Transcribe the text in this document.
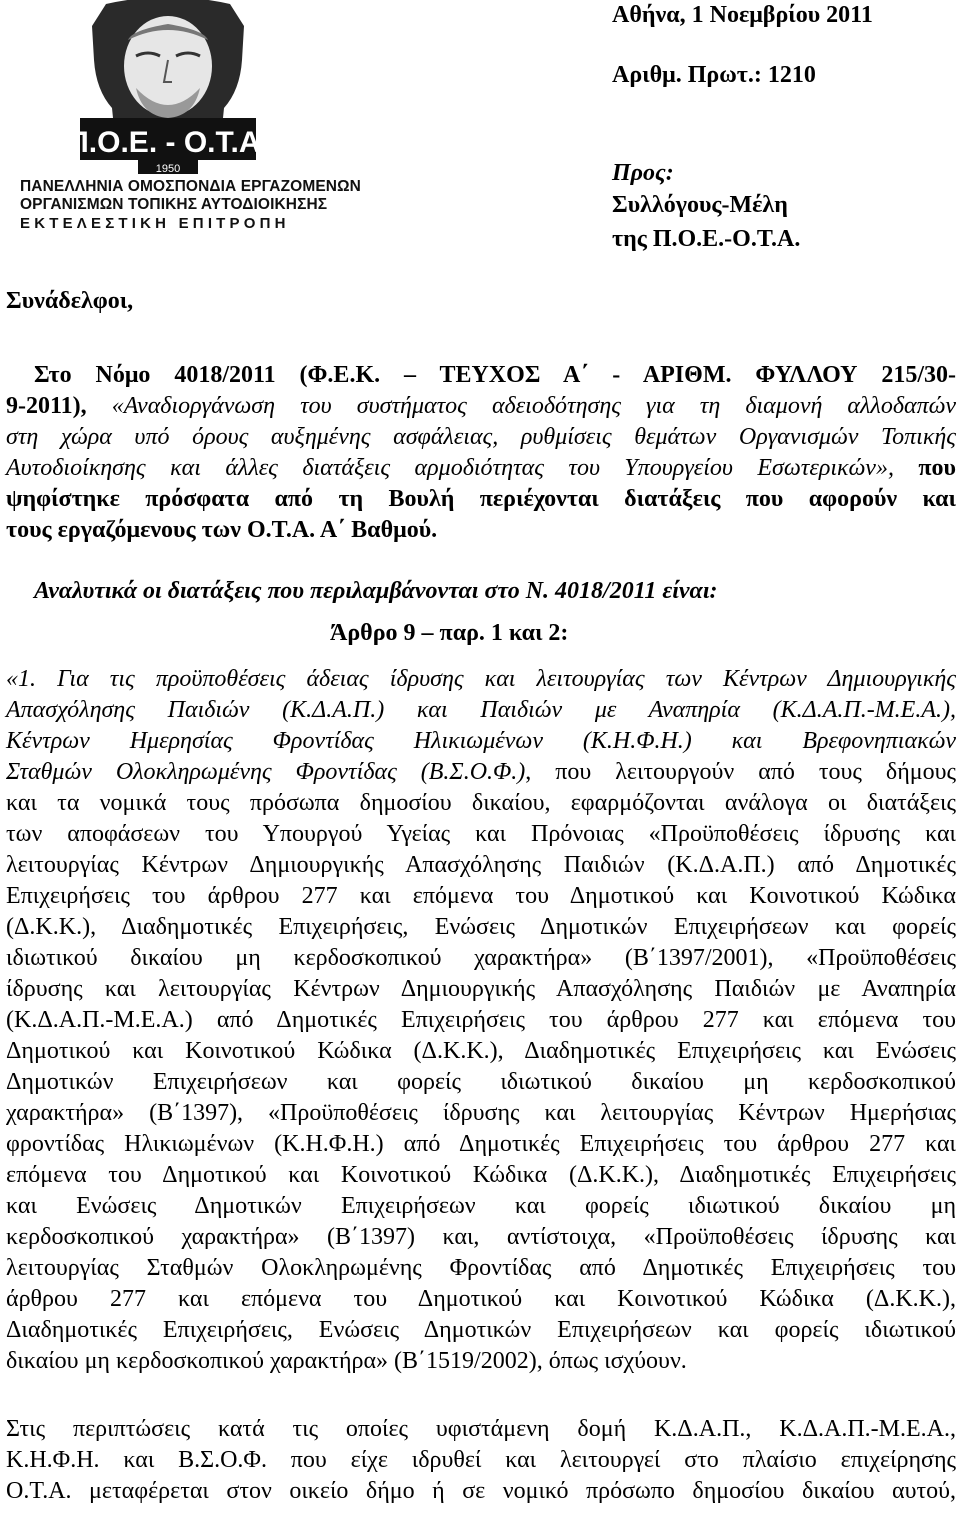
Π.Ο.Ε. - Ο.Τ.Α.
1950
ΠΑΝΕΛΛΗΝΙΑ ΟΜΟΣΠΟΝΔΙΑ ΕΡΓΑΖΟΜΕΝΩΝ
ΟΡΓΑΝΙΣΜΩΝ ΤΟΠΙΚΗΣ ΑΥΤΟΔΙΟΙΚΗΣΗΣ
ΕΚΤΕΛΕΣΤΙΚΗ ΕΠΙΤΡΟΠΗ
Αθήνα, 1 Νοεμβρίου 2011
Αριθμ. Πρωτ.: 1210
Προς:
Συλλόγους-Μέλη
της Π.Ο.Ε.-Ο.Τ.Α.
Συνάδελφοι,
Στο Νόμο 4018/2011 (Φ.Ε.Κ. – ΤΕΥΧΟΣ Α΄ - ΑΡΙΘΜ. ΦΥΛΛΟΥ 215/30-
9-2011), «Αναδιοργάνωση του συστήματος αδειοδότησης για τη διαμονή αλλοδαπών
στη χώρα υπό όρους αυξημένης ασφάλειας, ρυθμίσεις θεμάτων Οργανισμών Τοπικής
Αυτοδιοίκησης και άλλες διατάξεις αρμοδιότητας του Υπουργείου Εσωτερικών», που
ψηφίστηκε πρόσφατα από τη Βουλή περιέχονται διατάξεις που αφορούν και
τους εργαζόμενους των Ο.Τ.Α. Α΄ Βαθμού.
Αναλυτικά οι διατάξεις που περιλαμβάνονται στο Ν. 4018/2011 είναι:
Άρθρο 9 – παρ. 1 και 2:
«1. Για τις προϋποθέσεις άδειας ίδρυσης και λειτουργίας των Κέντρων Δημιουργικής
Απασχόλησης Παιδιών (Κ.Δ.Α.Π.) και Παιδιών με Αναπηρία (Κ.Δ.Α.Π.-Μ.Ε.Α.),
Κέντρων Ημερησίας Φροντίδας Ηλικιωμένων (Κ.Η.Φ.Η.) και Βρεφονηπιακών
Σταθμών Ολοκληρωμένης Φροντίδας (Β.Σ.Ο.Φ.), που λειτουργούν από τους δήμους
και τα νομικά τους πρόσωπα δημοσίου δικαίου, εφαρμόζονται ανάλογα οι διατάξεις
των αποφάσεων του Υπουργού Υγείας και Πρόνοιας «Προϋποθέσεις ίδρυσης και
λειτουργίας Κέντρων Δημιουργικής Απασχόλησης Παιδιών (Κ.Δ.Α.Π.) από Δημοτικές
Επιχειρήσεις του άρθρου 277 και επόμενα του Δημοτικού και Κοινοτικού Κώδικα
(Δ.Κ.Κ.), Διαδημοτικές Επιχειρήσεις, Ενώσεις Δημοτικών Επιχειρήσεων και φορείς
ιδιωτικού δικαίου μη κερδοσκοπικού χαρακτήρα» (Β΄1397/2001), «Προϋποθέσεις
ίδρυσης και λειτουργίας Κέντρων Δημιουργικής Απασχόλησης Παιδιών με Αναπηρία
(Κ.Δ.Α.Π.-Μ.Ε.Α.) από Δημοτικές Επιχειρήσεις του άρθρου 277 και επόμενα του
Δημοτικού και Κοινοτικού Κώδικα (Δ.Κ.Κ.), Διαδημοτικές Επιχειρήσεις και Ενώσεις
Δημοτικών Επιχειρήσεων και φορείς ιδιωτικού δικαίου μη κερδοσκοπικού
χαρακτήρα» (Β΄1397), «Προϋποθέσεις ίδρυσης και λειτουργίας Κέντρων Ημερήσιας
φροντίδας Ηλικιωμένων (Κ.Η.Φ.Η.) από Δημοτικές Επιχειρήσεις του άρθρου 277 και
επόμενα του Δημοτικού και Κοινοτικού Κώδικα (Δ.Κ.Κ.), Διαδημοτικές Επιχειρήσεις
και Ενώσεις Δημοτικών Επιχειρήσεων και φορείς ιδιωτικού δικαίου μη
κερδοσκοπικού χαρακτήρα» (Β΄1397) και, αντίστοιχα, «Προϋποθέσεις ίδρυσης και
λειτουργίας Σταθμών Ολοκληρωμένης Φροντίδας από Δημοτικές Επιχειρήσεις του
άρθρου 277 και επόμενα του Δημοτικού και Κοινοτικού Κώδικα (Δ.Κ.Κ.),
Διαδημοτικές Επιχειρήσεις, Ενώσεις Δημοτικών Επιχειρήσεων και φορείς ιδιωτικού
δικαίου μη κερδοσκοπικού χαρακτήρα» (Β΄1519/2002), όπως ισχύουν.
Στις περιπτώσεις κατά τις οποίες υφιστάμενη δομή Κ.Δ.Α.Π., Κ.Δ.Α.Π.-Μ.Ε.Α.,
Κ.Η.Φ.Η. και Β.Σ.Ο.Φ. που είχε ιδρυθεί και λειτουργεί στο πλαίσιο επιχείρησης
Ο.Τ.Α. μεταφέρεται στον οικείο δήμο ή σε νομικό πρόσωπο δημοσίου δικαίου αυτού,
